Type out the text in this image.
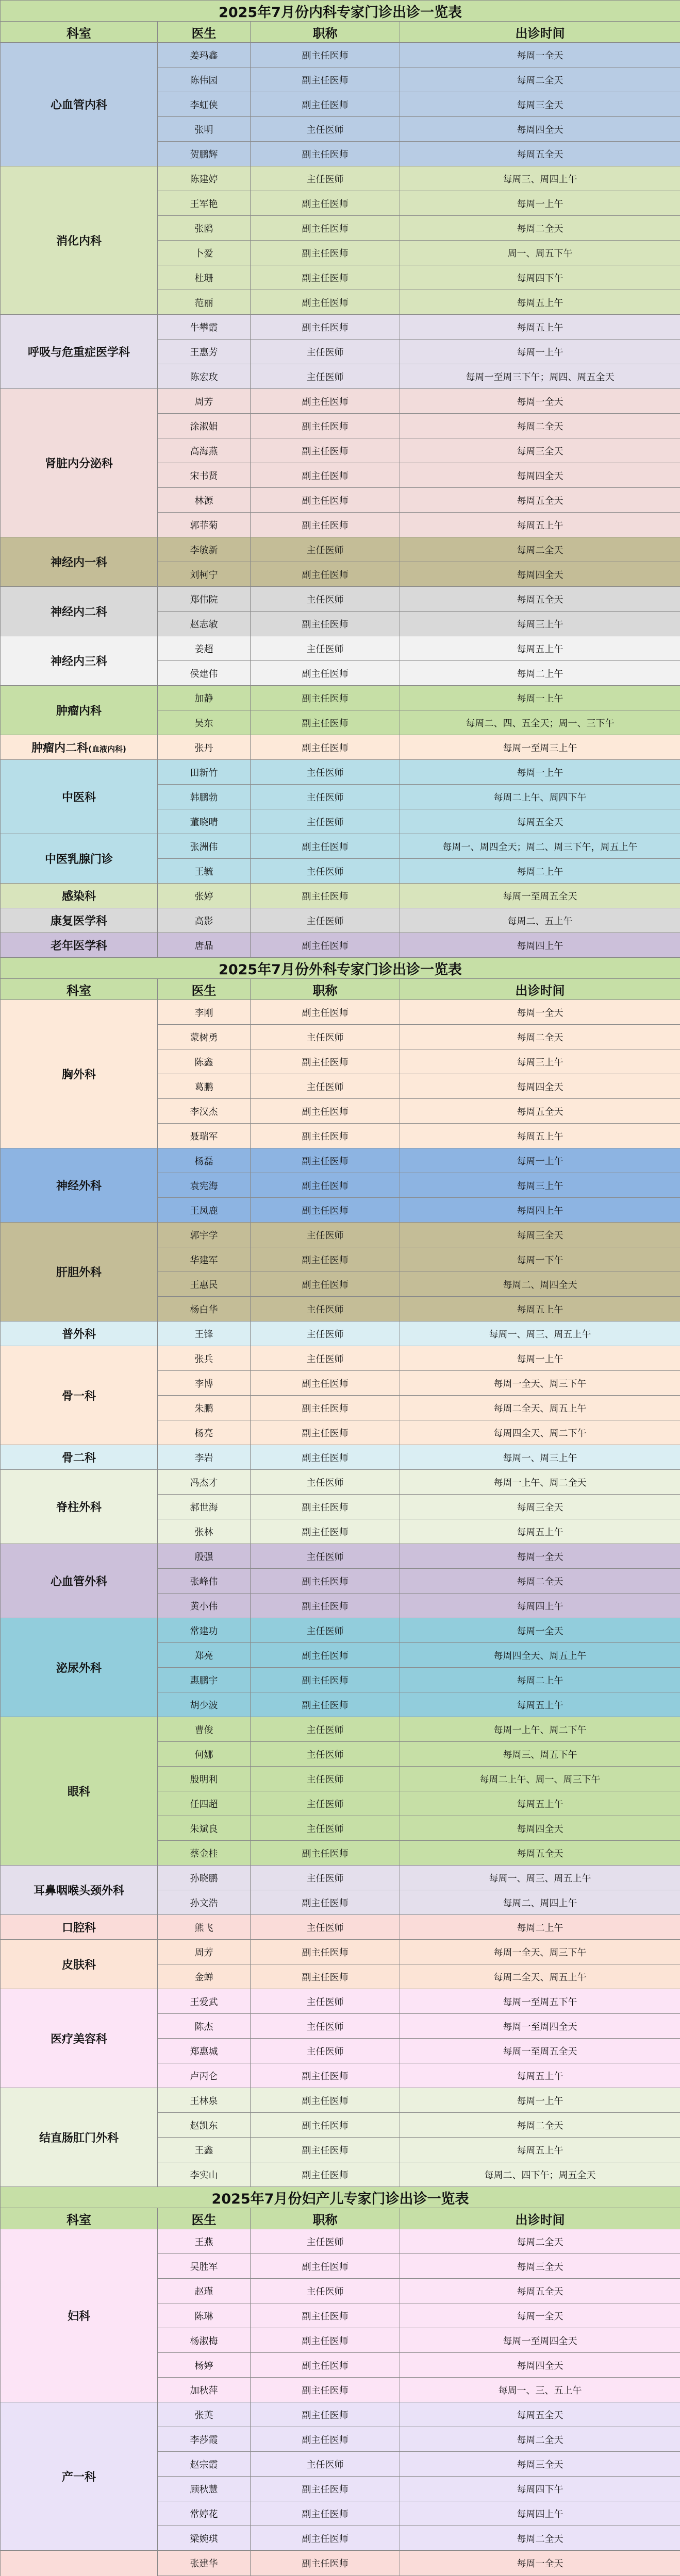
2025年7月份内科专家门诊出诊一览表			
科室	医生	职称	出诊时间
心血管内科	姜玛鑫	副主任医师	每周一全天
	陈伟园	副主任医师	每周二全天
	李虹侠	副主任医师	每周三全天
	张明	主任医师	每周四全天
	贺鹏辉	副主任医师	每周五全天
消化内科	陈建婷	主任医师	每周三、周四上午
	王军艳	副主任医师	每周一上午
	张鸥	副主任医师	每周二全天
	卜爱	副主任医师	周一、周五下午
	杜珊	副主任医师	每周四下午
	范丽	副主任医师	每周五上午
呼吸与危重症医学科	牛攀霞	副主任医师	每周五上午
	王惠芳	主任医师	每周一上午
	陈宏玫	主任医师	每周一至周三下午；周四、周五全天
肾脏内分泌科	周芳	副主任医师	每周一全天
	涂淑娟	副主任医师	每周二全天
	高海燕	副主任医师	每周三全天
	宋书贤	副主任医师	每周四全天
	林源	副主任医师	每周五全天
	郭菲菊	副主任医师	每周五上午
神经内一科	李敏新	主任医师	每周二全天
	刘柯宁	副主任医师	每周四全天
神经内二科	郑伟院	主任医师	每周五全天
	赵志敏	副主任医师	每周三上午
神经内三科	姜超	主任医师	每周五上午
	侯建伟	副主任医师	每周二上午
肿瘤内科	加静	副主任医师	每周一上午
	吴东	副主任医师	每周二、四、五全天；周一、三下午
肿瘤内二科(血液内科)	张丹	副主任医师	每周一至周三上午
中医科	田新竹	主任医师	每周一上午
	韩鹏勃	主任医师	每周二上午、周四下午
	董晓晴	主任医师	每周五全天
中医乳腺门诊	张洲伟	副主任医师	每周一、周四全天；周二、周三下午，周五上午
	王毓	主任医师	每周二上午
感染科	张婷	副主任医师	每周一至周五全天
康复医学科	高影	主任医师	每周二、五上午
老年医学科	唐晶	副主任医师	每周四上午
2025年7月份外科专家门诊出诊一览表			
科室	医生	职称	出诊时间
胸外科	李刚	副主任医师	每周一全天
	蒙树勇	主任医师	每周二全天
	陈鑫	副主任医师	每周三上午
	葛鹏	主任医师	每周四全天
	李汉杰	副主任医师	每周五全天
	聂瑞军	副主任医师	每周五上午
神经外科	杨磊	副主任医师	每周一上午
	袁宪海	副主任医师	每周三上午
	王凤鹿	副主任医师	每周四上午
肝胆外科	郭宇学	主任医师	每周三全天
	华建军	副主任医师	每周一下午
	王惠民	副主任医师	每周二、周四全天
	杨白华	主任医师	每周五上午
普外科	王锋	主任医师	每周一、周三、周五上午
骨一科	张兵	主任医师	每周一上午
	李博	副主任医师	每周一全天、周三下午
	朱鹏	副主任医师	每周二全天、周五上午
	杨亮	副主任医师	每周四全天、周二下午
骨二科	李岩	副主任医师	每周一、周三上午
脊柱外科	冯杰才	主任医师	每周一上午、周二全天
	郝世海	副主任医师	每周三全天
	张林	副主任医师	每周五上午
心血管外科	殷强	主任医师	每周一全天
	张峰伟	副主任医师	每周二全天
	黄小伟	副主任医师	每周四上午
泌尿外科	常建功	主任医师	每周一全天
	郑亮	副主任医师	每周四全天、周五上午
	惠鹏宇	副主任医师	每周二上午
	胡少波	副主任医师	每周五上午
眼科	曹俊	主任医师	每周一上午、周二下午
	何娜	主任医师	每周三、周五下午
	殷明利	主任医师	每周二上午、周一、周三下午
	任四超	主任医师	每周五上午
	朱斌良	主任医师	每周四全天
	蔡金桂	副主任医师	每周五全天
耳鼻咽喉头颈外科	孙晓鹏	主任医师	每周一、周三、周五上午
	孙文浩	副主任医师	每周二、周四上午
口腔科	熊飞	主任医师	每周二上午
皮肤科	周芳	副主任医师	每周一全天、周三下午
	金蝉	副主任医师	每周二全天、周五上午
医疗美容科	王爱武	主任医师	每周一至周五下午
	陈杰	主任医师	每周一至周四全天
	郑惠城	主任医师	每周一至周五全天
	卢丙仑	副主任医师	每周五上午
结直肠肛门外科	王林泉	副主任医师	每周一上午
	赵凯东	副主任医师	每周二全天
	王鑫	副主任医师	每周五上午
	李实山	副主任医师	每周二、四下午；周五全天
2025年7月份妇产儿专家门诊出诊一览表			
科室	医生	职称	出诊时间
妇科	王燕	主任医师	每周二全天
	吴胜军	副主任医师	每周三全天
	赵瑾	主任医师	每周五全天
	陈琳	副主任医师	每周一全天
	杨淑梅	副主任医师	每周一至周四全天
	杨婷	副主任医师	每周四全天
	加秋萍	副主任医师	每周一、三、五上午
产一科	张英	副主任医师	每周五全天
	李莎霞	副主任医师	每周二全天
	赵宗霞	主任医师	每周三全天
	顾秋慧	副主任医师	每周四下午
	常婷花	副主任医师	每周四上午
	梁婉琪	副主任医师	每周二全天
	张建华	副主任医师	每周一全天
